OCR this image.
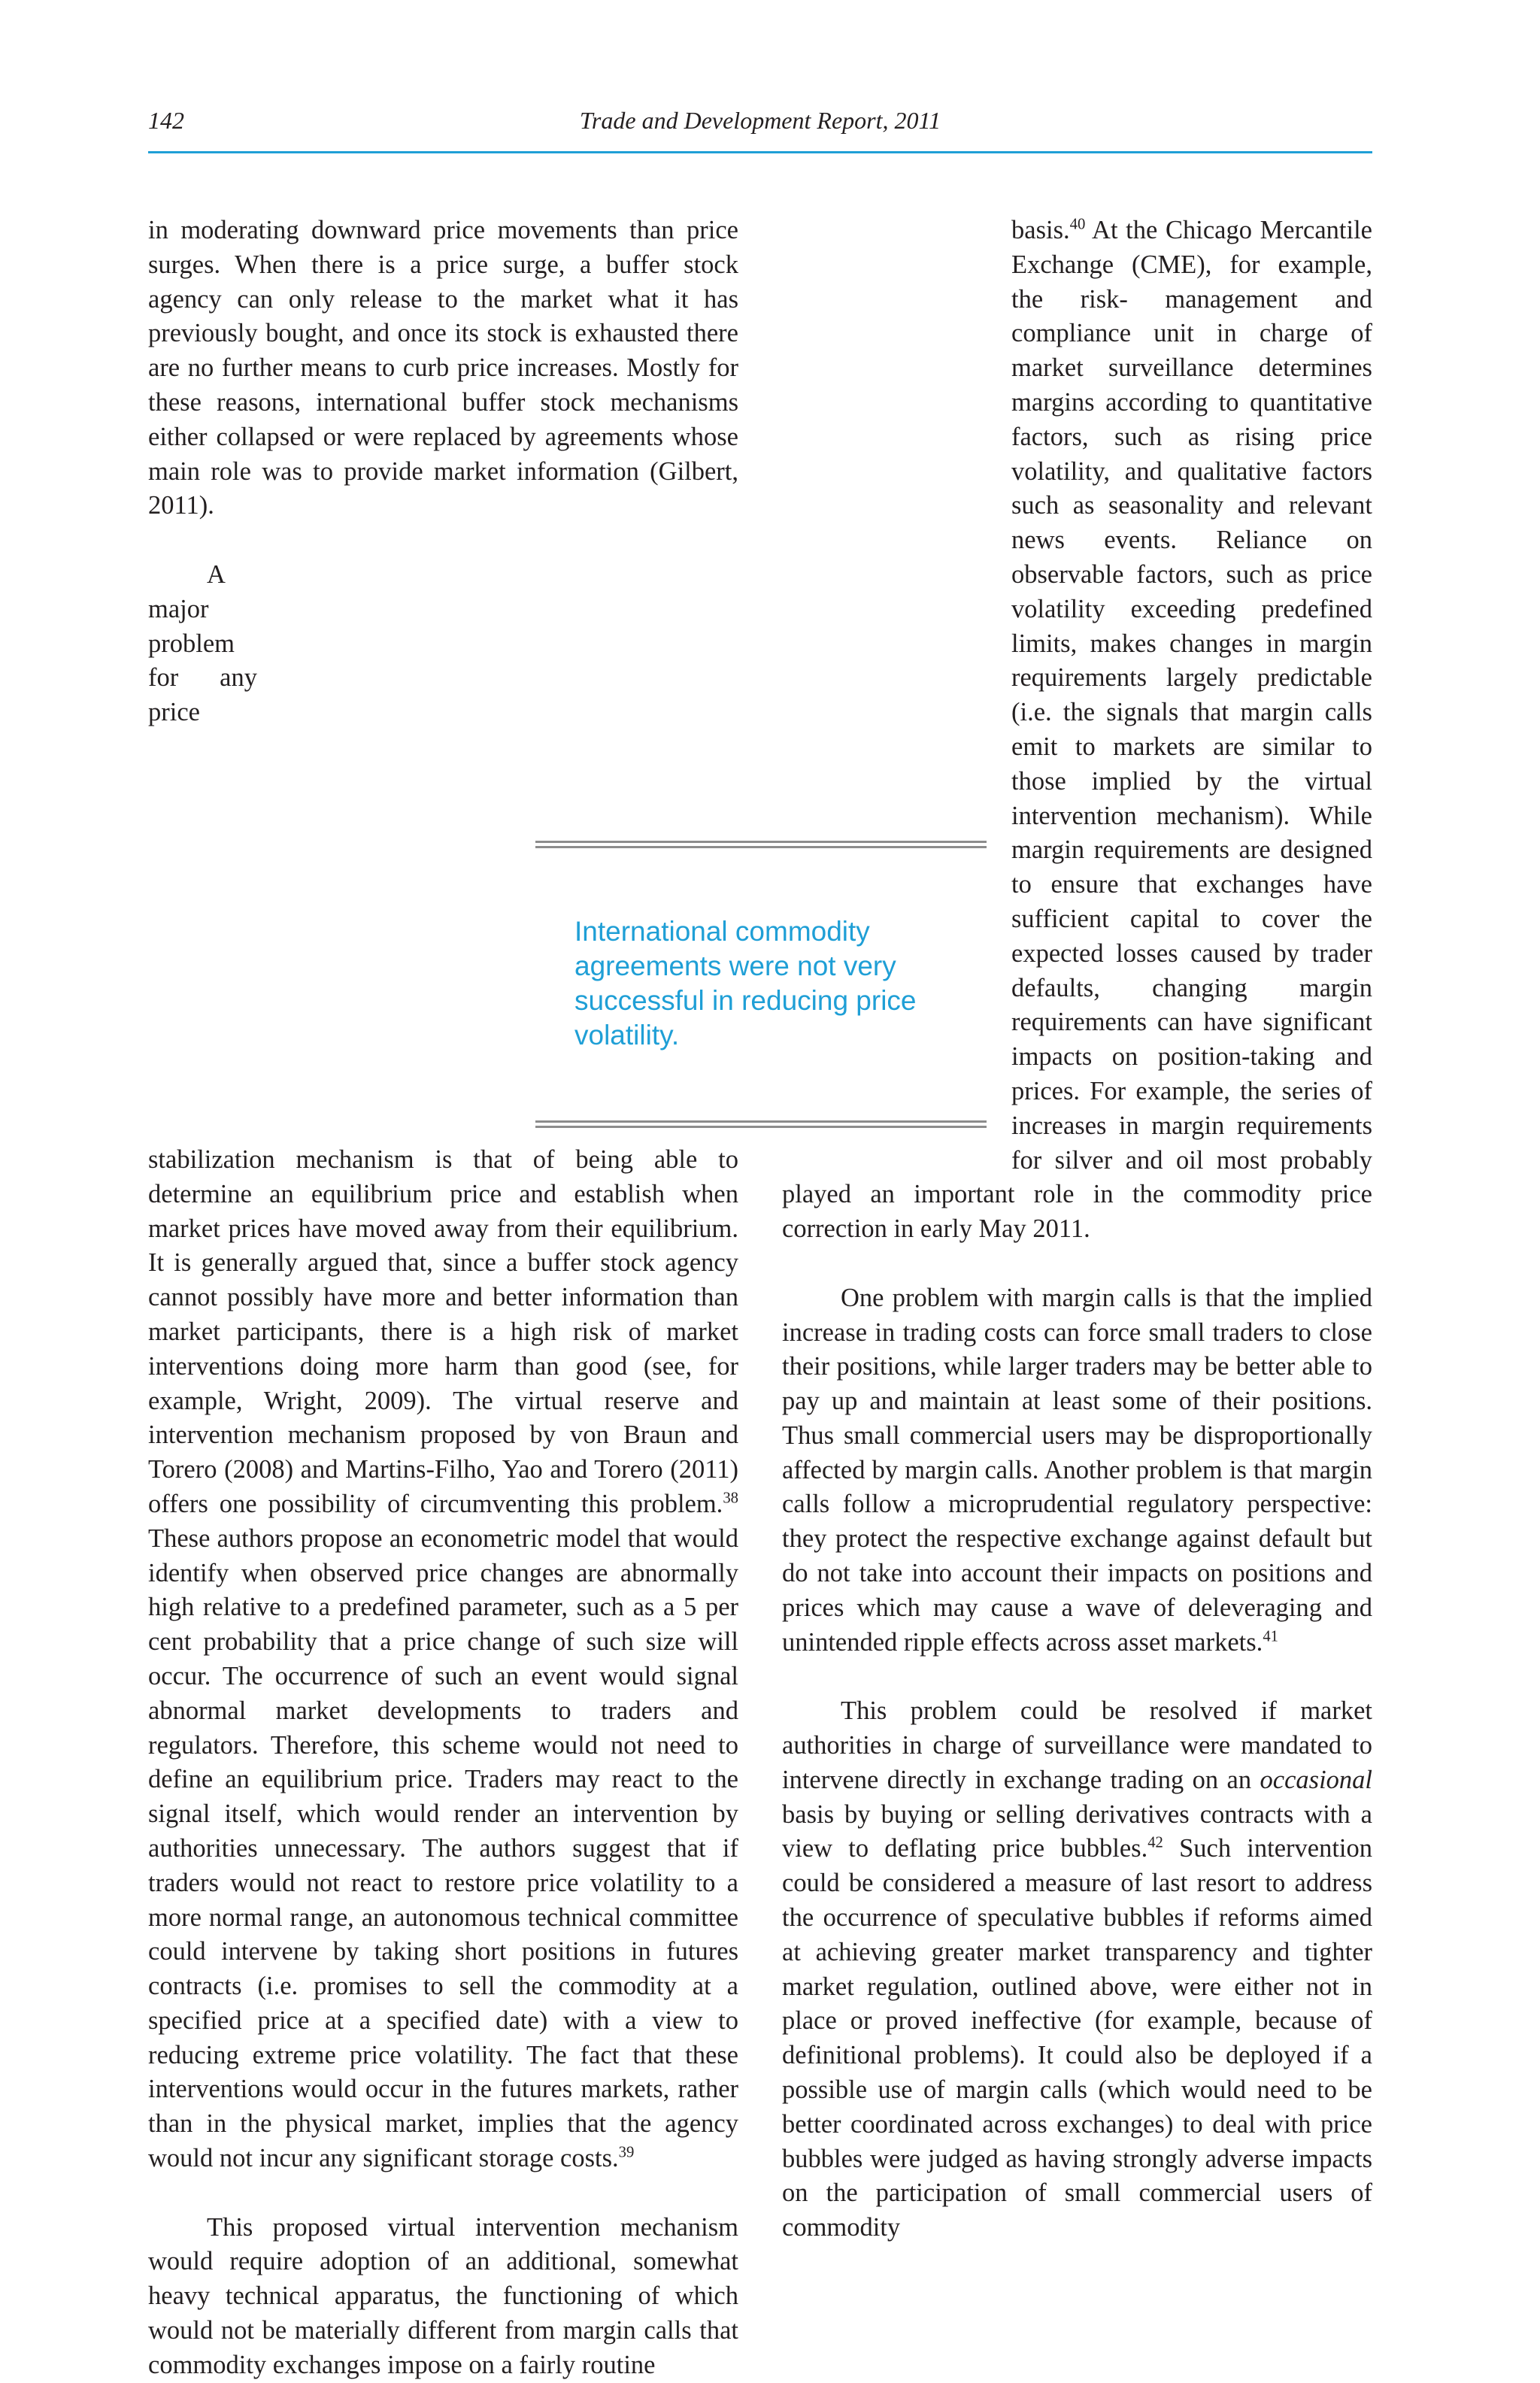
142	Trade and Development Report, 2011

in moderating downward price movements than price surges. When there is a price surge, a buffer stock agency can only release to the market what it has previously bought, and once its stock is exhausted there are no further means to curb price increases. Mostly for these reasons, international buffer stock mechanisms either collapsed or were replaced by agreements whose main role was to provide market information (Gilbert, 2011).

A major problem for any price stabilization mechanism is that of being able to determine an equilibrium price and establish when market prices have moved away from their equilibrium. It is generally argued that, since a buffer stock agency cannot possibly have more and better information than market participants, there is a high risk of market interventions doing more harm than good (see, for example, Wright, 2009). The virtual reserve and intervention mechanism proposed by von Braun and Torero (2008) and Martins-Filho, Yao and Torero (2011) offers one possibility of circumventing this problem.$^{38}$ These authors propose an econometric model that would identify when observed price changes are abnormally high relative to a predefined parameter, such as a 5 per cent probability that a price change of such size will occur. The occurrence of such an event would signal abnormal market developments to traders and regulators. Therefore, this scheme would not need to define an equilibrium price. Traders may react to the signal itself, which would render an intervention by authorities unnecessary. The authors suggest that if traders would not react to restore price volatility to a more normal range, an autonomous technical committee could intervene by taking short positions in futures contracts (i.e. promises to sell the commodity at a specified price at a specified date) with a view to reducing extreme price volatility. The fact that these interventions would occur in the futures markets, rather than in the physical market, implies that the agency would not incur any significant storage costs.$^{39}$

This proposed virtual intervention mechanism would require adoption of an additional, somewhat heavy technical apparatus, the functioning of which would not be materially different from margin calls that commodity exchanges impose on a fairly routine

basis.$^{40}$ At the Chicago Mercantile Exchange (CME), for example, the risk- management and compliance unit in charge of market surveillance determines margins according to quantitative factors, such as rising price volatility, and qualitative factors such as seasonality and relevant news events. Reliance on observable factors, such as price volatility exceeding predefined limits, makes changes in margin requirements largely predictable (i.e. the signals that margin calls emit to markets are similar to those implied by the virtual intervention mechanism). While margin requirements are designed to ensure that exchanges have sufficient capital to cover the expected losses caused by trader defaults, changing margin requirements can have significant impacts on position-taking and prices. For example, the series of increases in margin requirements for silver and oil most probably played an important role in the commodity price correction in early May 2011.

One problem with margin calls is that the implied increase in trading costs can force small traders to close their positions, while larger traders may be better able to pay up and maintain at least some of their positions. Thus small commercial users may be disproportionally affected by margin calls. Another problem is that margin calls follow a microprudential regulatory perspective: they protect the respective exchange against default but do not take into account their impacts on positions and prices which may cause a wave of deleveraging and unintended ripple effects across asset markets.$^{41}$

This problem could be resolved if market authorities in charge of surveillance were mandated to intervene directly in exchange trading on an occasional basis by buying or selling derivatives contracts with a view to deflating price bubbles.$^{42}$ Such intervention could be considered a measure of last resort to address the occurrence of speculative bubbles if reforms aimed at achieving greater market transparency and tighter market regulation, outlined above, were either not in place or proved ineffective (for example, because of definitional problems). It could also be deployed if a possible use of margin calls (which would need to be better coordinated across exchanges) to deal with price bubbles were judged as having strongly adverse impacts on the participation of small commercial users of commodity

International commodity agreements were not very successful in reducing price volatility.
